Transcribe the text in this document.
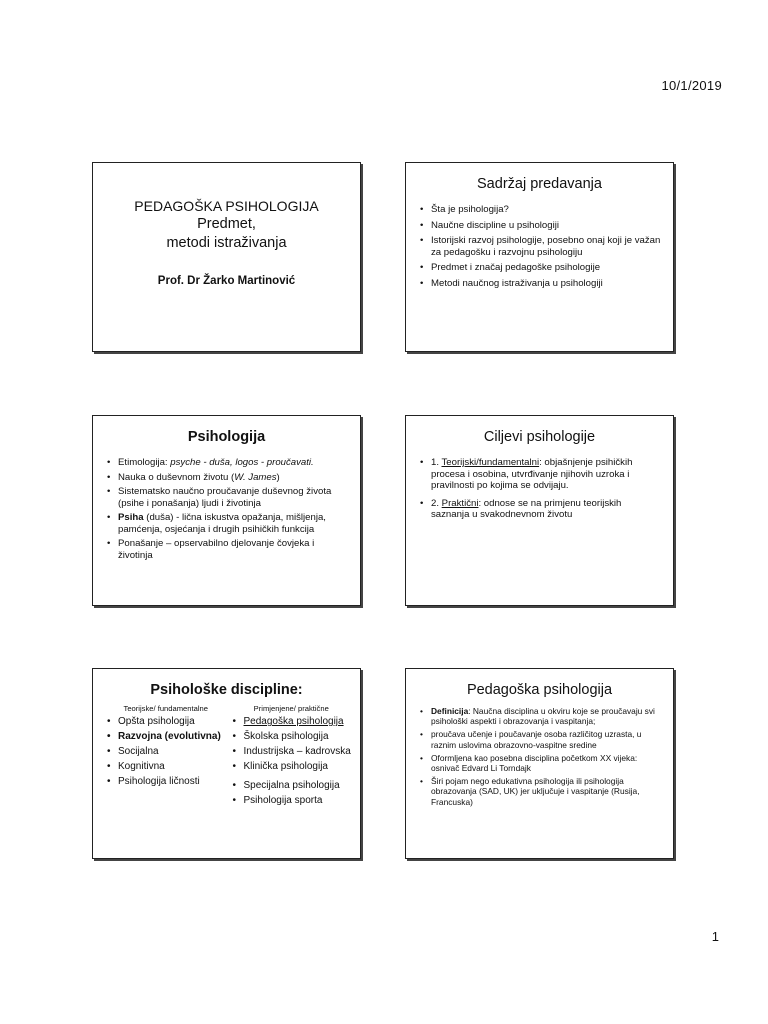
10/1/2019
PEDAGOŠKA PSIHOLOGIJA
Predmet,
metodi istraživanja
Prof. Dr Žarko Martinović
Sadržaj predavanja
• Šta je psihologija?
• Naučne discipline u psihologiji
• Istorijski razvoj psihologije, posebno onaj koji je važan za pedagošku i razvojnu psihologiju
• Predmet i značaj pedagoške psihologije
• Metodi naučnog istraživanja u psihologiji
Psihologija
• Etimologija: psyche - duša, logos - proučavati.
• Nauka o duševnom životu (W. James)
• Sistematsko naučno proučavanje duševnog života (psihe i ponašanja) ljudi i životinja
• Psiha (duša) - lična iskustva opažanja, mišljenja, pamćenja, osjećanja i drugih psihičkih funkcija
• Ponašanje – opservabilno djelovanje čovjeka i životinja
Ciljevi psihologije
• 1. Teorijski/fundamentalni: objašnjenje psihičkih procesa i osobina, utvrđivanje njihovih uzroka i pravilnosti po kojima se odvijaju.
• 2. Praktični: odnose se na primjenu teorijskih saznanja u svakodnevnom životu
Psihološke discipline:
Teorijske/ fundamentalne
• Opšta psihologija
• Razvojna (evolutivna)
• Socijalna
• Kognitivna
• Psihologija ličnosti
Primjenjene/ praktične
• Pedagoška psihologija
• Školska psihologija
• Industrijska – kadrovska
• Klinička psihologija
• Specijalna psihologija
• Psihologija sporta
Pedagoška psihologija
• Definicija: Naučna disciplina u okviru koje se proučavaju svi psihološki aspekti i obrazovanja i vaspitanja;
• proučava učenje i poučavanje osoba različitog uzrasta, u raznim uslovima obrazovno-vaspitne sredine
• Oformljena kao posebna disciplina početkom XX vijeka: osnivač Edvard Li Torndajk
• Širi pojam nego edukativna psihologija ili psihologija obrazovanja (SAD, UK) jer uključuje i vaspitanje (Rusija, Francuska)
1
